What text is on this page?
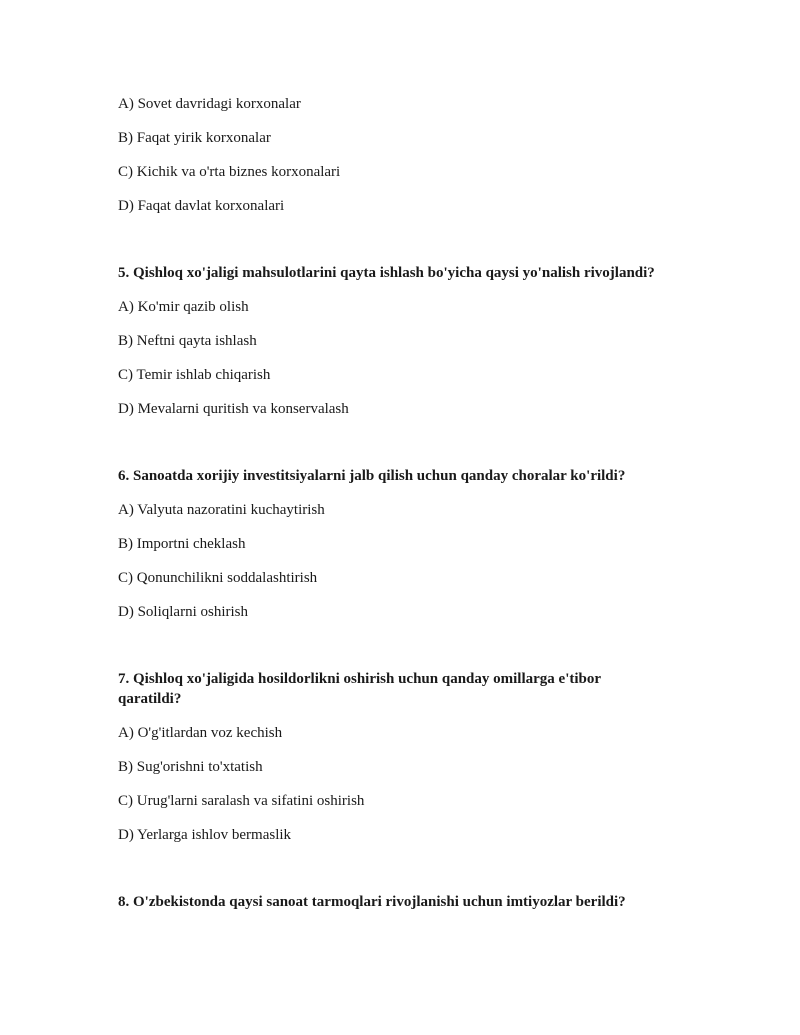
A) Sovet davridagi korxonalar
B) Faqat yirik korxonalar
C) Kichik va o'rta biznes korxonalari
D) Faqat davlat korxonalari
5. Qishloq xo'jaligi mahsulotlarini qayta ishlash bo'yicha qaysi yo'nalish rivojlandi?
A) Ko'mir qazib olish
B) Neftni qayta ishlash
C) Temir ishlab chiqarish
D) Mevalarni quritish va konservalash
6. Sanoatda xorijiy investitsiyalarni jalb qilish uchun qanday choralar ko'rildi?
A) Valyuta nazoratini kuchaytirish
B) Importni cheklash
C) Qonunchilikni soddalashtirish
D) Soliqlarni oshirish
7. Qishloq xo'jaligida hosildorlikni oshirish uchun qanday omillarga e'tibor qaratildi?
A) O'g'itlardan voz kechish
B) Sug'orishni to'xtatish
C) Urug'larni saralash va sifatini oshirish
D) Yerlarga ishlov bermaslik
8. O'zbekistonda qaysi sanoat tarmoqlari rivojlanishi uchun imtiyozlar berildi?
